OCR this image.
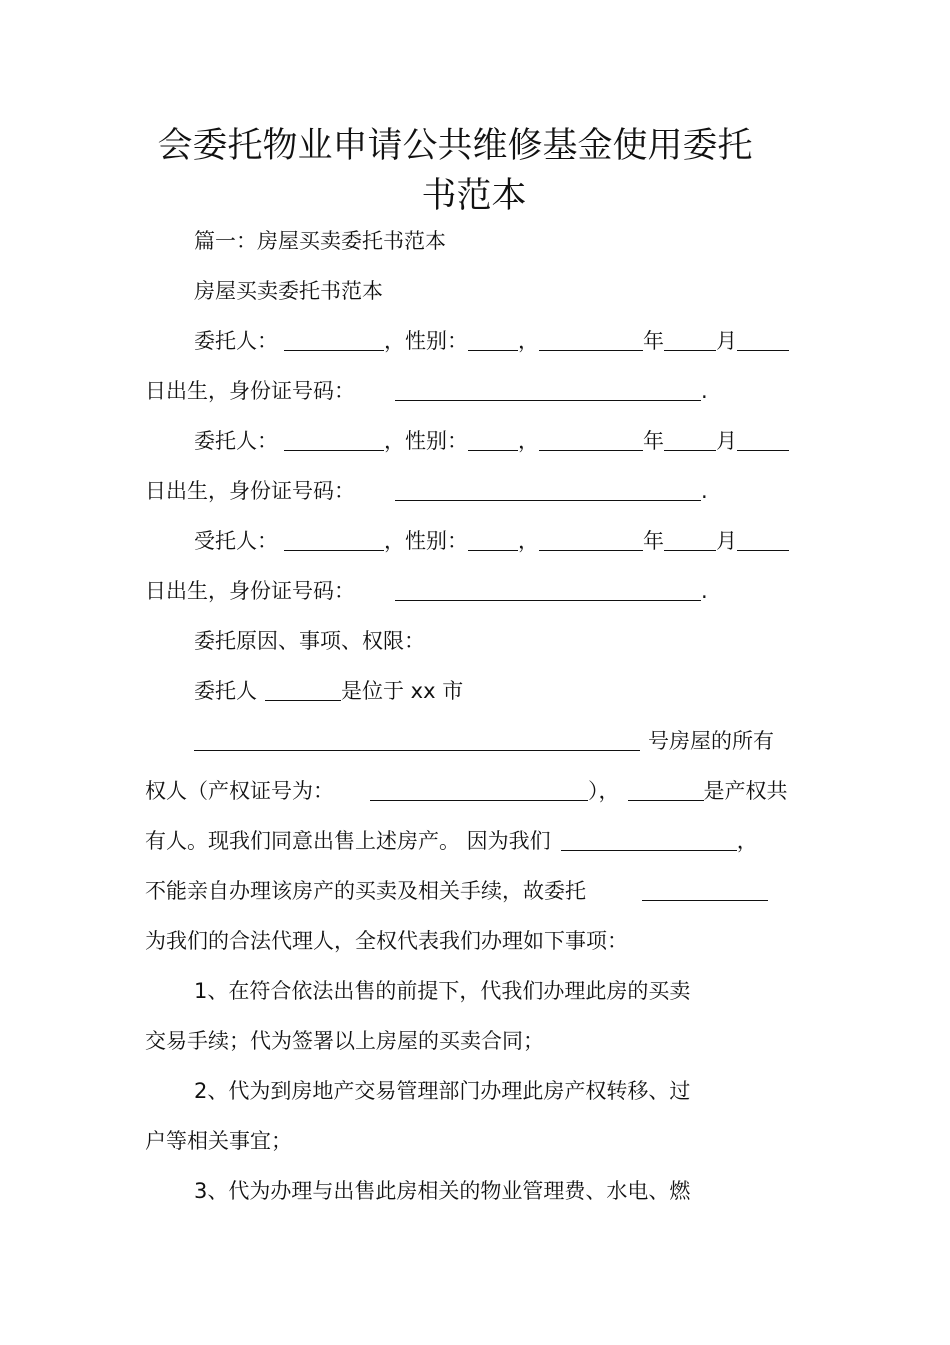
会委托物业申请公共维修基金使用委托
书范本
篇一：房屋买卖委托书范本
房屋买卖委托书范本
委托人：	，性别： ，	年 月
日出生，身份证号码：	.
委托人：	，性别： ，	年 月
日出生，身份证号码：	.
受托人：	，性别： ，	年 月
日出生，身份证号码：	.
委托原因、事项、权限：
委托人	是位于 xx 市
号房屋的所有
权人（产权证号为：	），	是产权共
有人。现我们同意出售上述房产。 因为我们	，
不能亲自办理该房产的买卖及相关手续，故委托
为我们的合法代理人，全权代表我们办理如下事项：
1、在符合依法出售的前提下，代我们办理此房的买卖
交易手续；代为签署以上房屋的买卖合同；
2、代为到房地产交易管理部门办理此房产权转移、过
户等相关事宜；
3、代为办理与出售此房相关的物业管理费、水电、燃
